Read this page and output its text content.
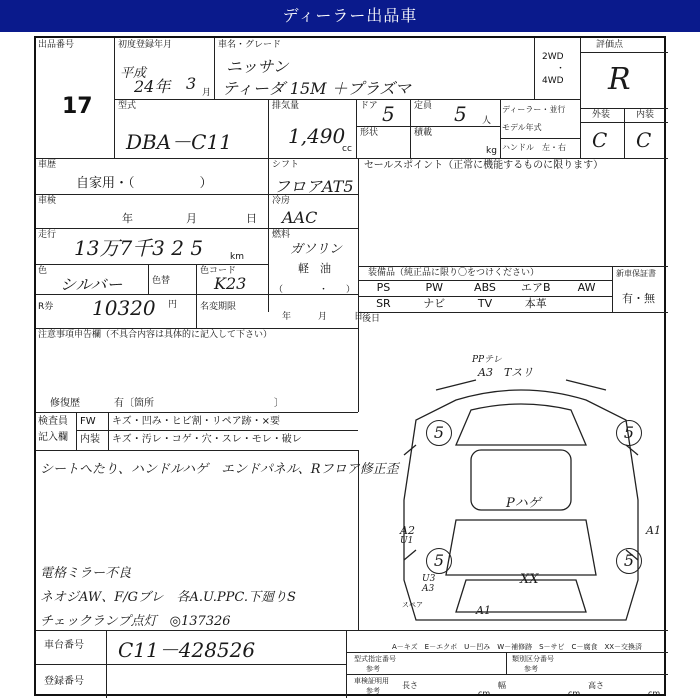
ディーラー出品車
出品番号
17
初度登録年月
平成
24年 3 月
車名・グレード
ニッサン
ティーダ 15M ＋プラズマ
2WD
・
4WD
評価点
R
外装	内装
C C
型式
DBA－C11
排気量
1,490
cc
ドア 5 定員 5 人
形状	積載
kg
ディーラー・並行
モデル年式
ハンドル 左・右
車歴
自家用・（　　　　　）
シフト
フロアAT5
セールスポイント（正常に機能するものに限ります）
車検
年	月	日
冷房
AAC
走行
13万7千3 2 5	km
燃料
ガソリン
軽　油
（　　　　・　　）
色
シルバー	色替
色コード
K23
装備品（純正品に限り〇をつけください）	新車保証書
有・無
PS	PW	ABS	エアB	AW
SR	ナビ	TV	本革
R券 10320 円	名変期限
年　　　月　　　日
後日
注意事項申告欄（不具合内容は具体的に記入して下さい）
修復歴	有〔箇所　　　　　　　　　　　　〕
検査員
記入欄
FW
内装
キズ・凹み・ヒビ割・リペア跡・×要
キズ・汚レ・コゲ・穴・スレ・モレ・破レ
シートへたり、ハンドルハゲ　エンドパネル、Rフロア修正歪
電格ミラー不良
ネオジAW、F/Gブレ　各A.U.PPC.下廻りS
チェックランプ点灯　◎137326
5	5
5	5
PPテレ
A3　Tスリ
Pハゲ
XX
A2
U1
A1
U3
A3
スペア	A1
車台番号 C11－428526
登録番号
A－キズ　E－エクボ　U－凹み　W－補修跡　S－サビ　C－腐食　XX－交換済
型式指定番号
参考
類別区分番号
参考
車検証明用
参考
長さ
cm
幅
cm
高さ
cm
